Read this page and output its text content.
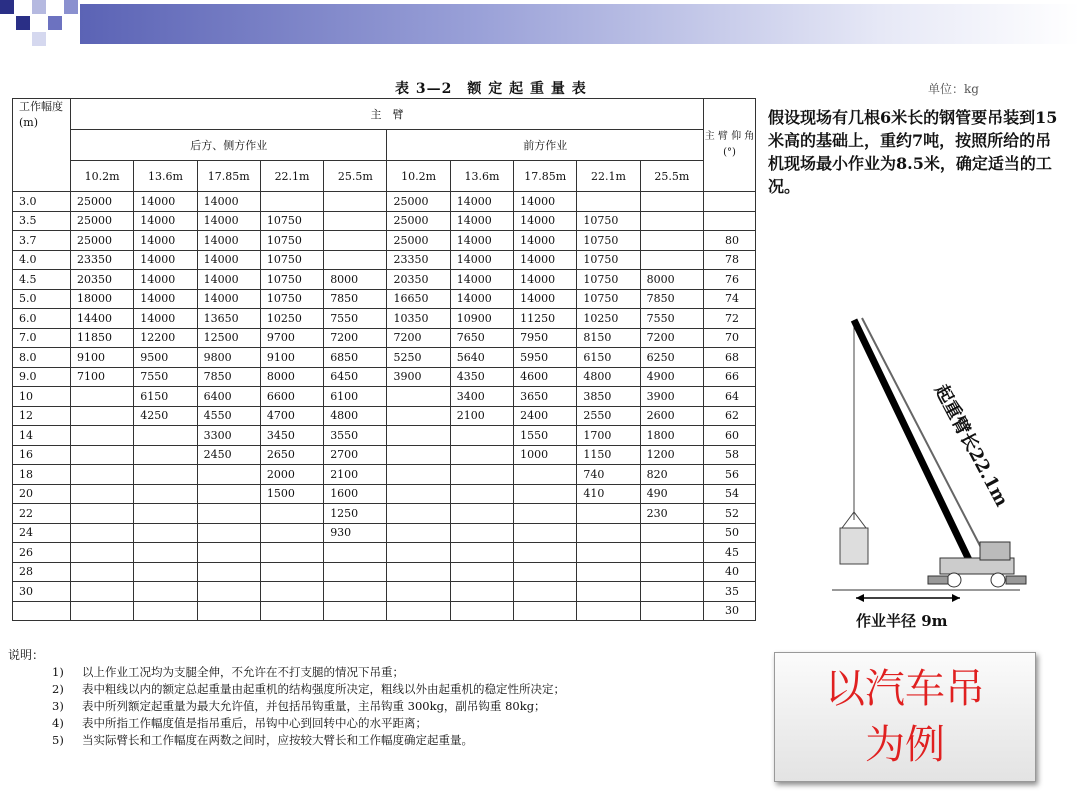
表 3—2　额 定 起 重 量 表	单位：kg
工作幅度(m)	主　臂										主 臂 仰 角 (°)
	后方、侧方作业					前方作业					
	10.2m	13.6m	17.85m	22.1m	25.5m	10.2m	13.6m	17.85m	22.1m	25.5m	
3.0	25000	14000	14000			25000	14000	14000			
3.5	25000	14000	14000	10750		25000	14000	14000	10750		
3.7	25000	14000	14000	10750		25000	14000	14000	10750		80
4.0	23350	14000	14000	10750		23350	14000	14000	10750		78
4.5	20350	14000	14000	10750	8000	20350	14000	14000	10750	8000	76
5.0	18000	14000	14000	10750	7850	16650	14000	14000	10750	7850	74
6.0	14400	14000	13650	10250	7550	10350	10900	11250	10250	7550	72
7.0	11850	12200	12500	9700	7200	7200	7650	7950	8150	7200	70
8.0	9100	9500	9800	9100	6850	5250	5640	5950	6150	6250	68
9.0	7100	7550	7850	8000	6450	3900	4350	4600	4800	4900	66
10		6150	6400	6600	6100		3400	3650	3850	3900	64
12		4250	4550	4700	4800		2100	2400	2550	2600	62
14			3300	3450	3550			1550	1700	1800	60
16			2450	2650	2700			1000	1150	1200	58
18				2000	2100				740	820	56
20				1500	1600				410	490	54
22					1250					230	52
24					930						50
26											45
28											40
30											35
											30
假设现场有几根6米长的钢管要吊装到15米高的基础上，重约7吨，按照所给的吊机现场最小作业为8.5米，确定适当的工况。
说明：
1) 以上作业工况均为支腿全伸，不允许在不打支腿的情况下吊重；
2) 表中粗线以内的额定总起重量由起重机的结构强度所决定，粗线以外由起重机的稳定性所决定；
3) 表中所列额定起重量为最大允许值，并包括吊钩重量，主吊钩重 300kg，副吊钩重 80kg；
4) 表中所指工作幅度值是指吊重后，吊钩中心到回转中心的水平距离；
5) 当实际臂长和工作幅度在两数之间时，应按较大臂长和工作幅度确定起重量。
起重臂长22.1m
作业半径 9m
以汽车吊
为例
